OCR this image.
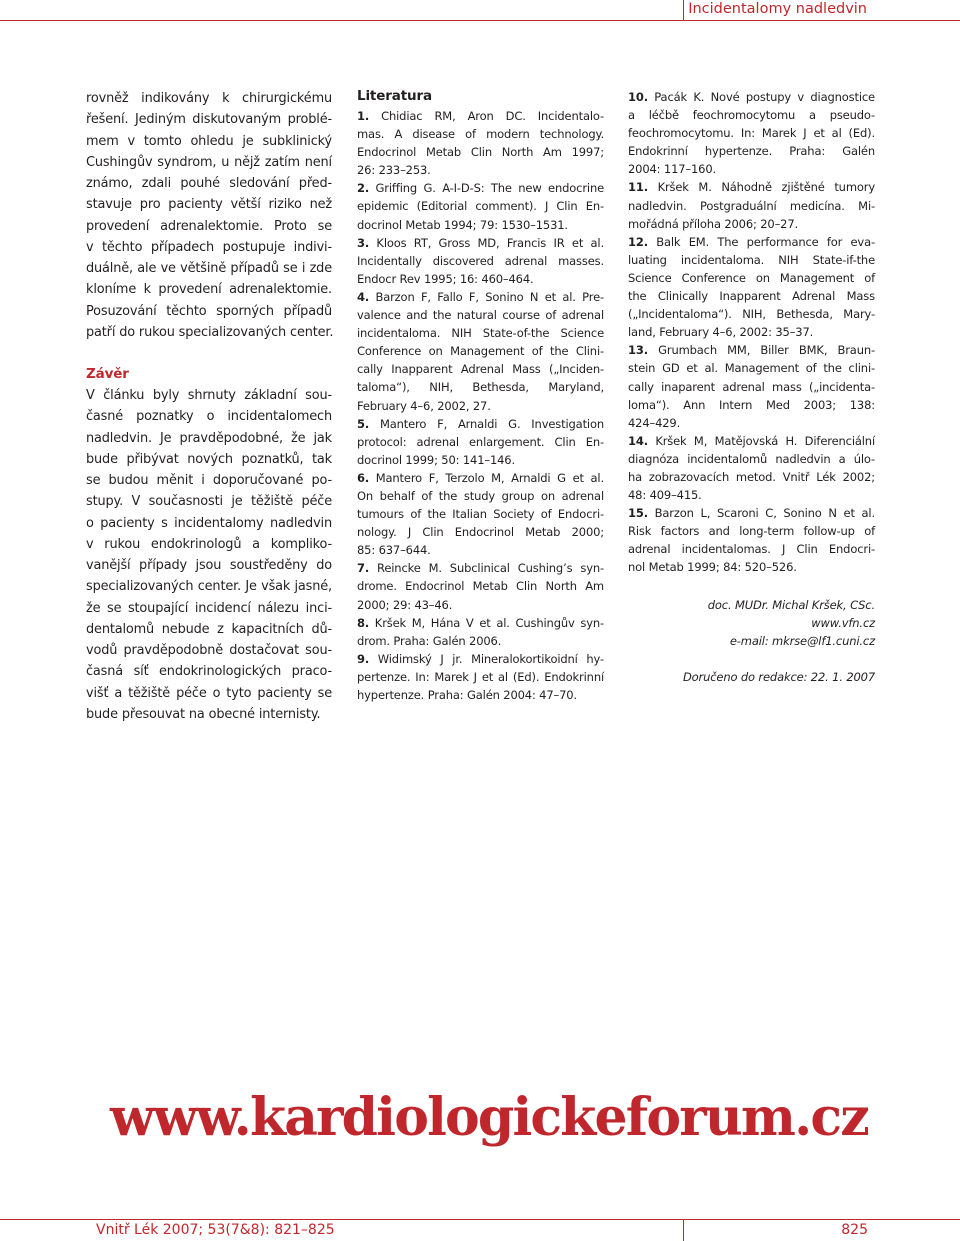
Incidentalomy nadledvin

rovněž indikovány k chirurgickému
řešení. Jediným diskutovaným problé-
mem v tomto ohledu je subklinický
Cushingův syndrom, u nějž zatím není
známo, zdali pouhé sledování před-
stavuje pro pacienty větší riziko než
provedení adrenalektomie. Proto se
v těchto případech postupuje indivi-
duálně, ale ve většině případů se i zde
kloníme k provedení adrenalektomie.
Posuzování těchto sporných případů
patří do rukou specializovaných center.

Závěr

V článku byly shrnuty základní sou-
časné poznatky o incidentalomech
nadledvin. Je pravděpodobné, že jak
bude přibývat nových poznatků, tak
se budou měnit i doporučované po-
stupy. V současnosti je těžiště péče
o pacienty s incidentalomy nadledvin
v rukou endokrinologů a kompliko-
vanější případy jsou soustředěny do
specializovaných center. Je však jasné,
že se stoupající incidencí nálezu inci-
dentalomů nebude z kapacitních dů-
vodů pravděpodobně dostačovat sou-
časná síť endokrinologických praco-
višť a těžiště péče o tyto pacienty se
bude přesouvat na obecné internisty.

Literatura
1. Chidiac RM, Aron DC. Incidentalo-
mas. A disease of modern technology.
Endocrinol Metab Clin North Am 1997;
26: 233–253.
2. Griffing G. A-I-D-S: The new endocrine
epidemic (Editorial comment). J Clin En-
docrinol Metab 1994; 79: 1530–1531.
3. Kloos RT, Gross MD, Francis IR et al.
Incidentally discovered adrenal masses.
Endocr Rev 1995; 16: 460–464.
4. Barzon F, Fallo F, Sonino N et al. Pre-
valence and the natural course of adrenal
incidentaloma. NIH State-of-the Science
Conference on Management of the Clini-
cally Inapparent Adrenal Mass („Inciden-
taloma“), NIH, Bethesda, Maryland,
February 4–6, 2002, 27.
5. Mantero F, Arnaldi G. Investigation
protocol: adrenal enlargement. Clin En-
docrinol 1999; 50: 141–146.
6. Mantero F, Terzolo M, Arnaldi G et al.
On behalf of the study group on adrenal
tumours of the Italian Society of Endocri-
nology. J Clin Endocrinol Metab 2000;
85: 637–644.
7. Reincke M. Subclinical Cushing’s syn-
drome. Endocrinol Metab Clin North Am
2000; 29: 43–46.
8. Kršek M, Hána V et al. Cushingův syn-
drom. Praha: Galén 2006.
9. Widimský J jr. Mineralokortikoidní hy-
pertenze. In: Marek J et al (Ed). Endokrinní
hypertenze. Praha: Galén 2004: 47–70.
10. Pacák K. Nové postupy v diagnostice
a léčbě feochromocytomu a pseudo-
feochromocytomu. In: Marek J et al (Ed).
Endokrinní hypertenze. Praha: Galén
2004: 117–160.
11. Kršek M. Náhodně zjištěné tumory
nadledvin. Postgraduální medicína. Mi-
mořádná příloha 2006; 20–27.
12. Balk EM. The performance for eva-
luating incidentaloma. NIH State-if-the
Science Conference on Management of
the Clinically Inapparent Adrenal Mass
(„Incidentaloma“). NIH, Bethesda, Mary-
land, February 4–6, 2002: 35–37.
13. Grumbach MM, Biller BMK, Braun-
stein GD et al. Management of the clini-
cally inaparent adrenal mass („incidenta-
loma“). Ann Intern Med 2003; 138:
424–429.
14. Kršek M, Matějovská H. Diferenciální
diagnóza incidentalomů nadledvin a úlo-
ha zobrazovacích metod. Vnitř Lék 2002;
48: 409–415.
15. Barzon L, Scaroni C, Sonino N et al.
Risk factors and long-term follow-up of
adrenal incidentalomas. J Clin Endocri-
nol Metab 1999; 84: 520–526.
doc. MUDr. Michal Kršek, CSc.
www.vfn.cz
e-mail: mkrse@lf1.cuni.cz
Doručeno do redakce: 22. 1. 2007
www.kardiologickeforum.cz
Vnitř Lék 2007; 53(7&8): 821–825	825
